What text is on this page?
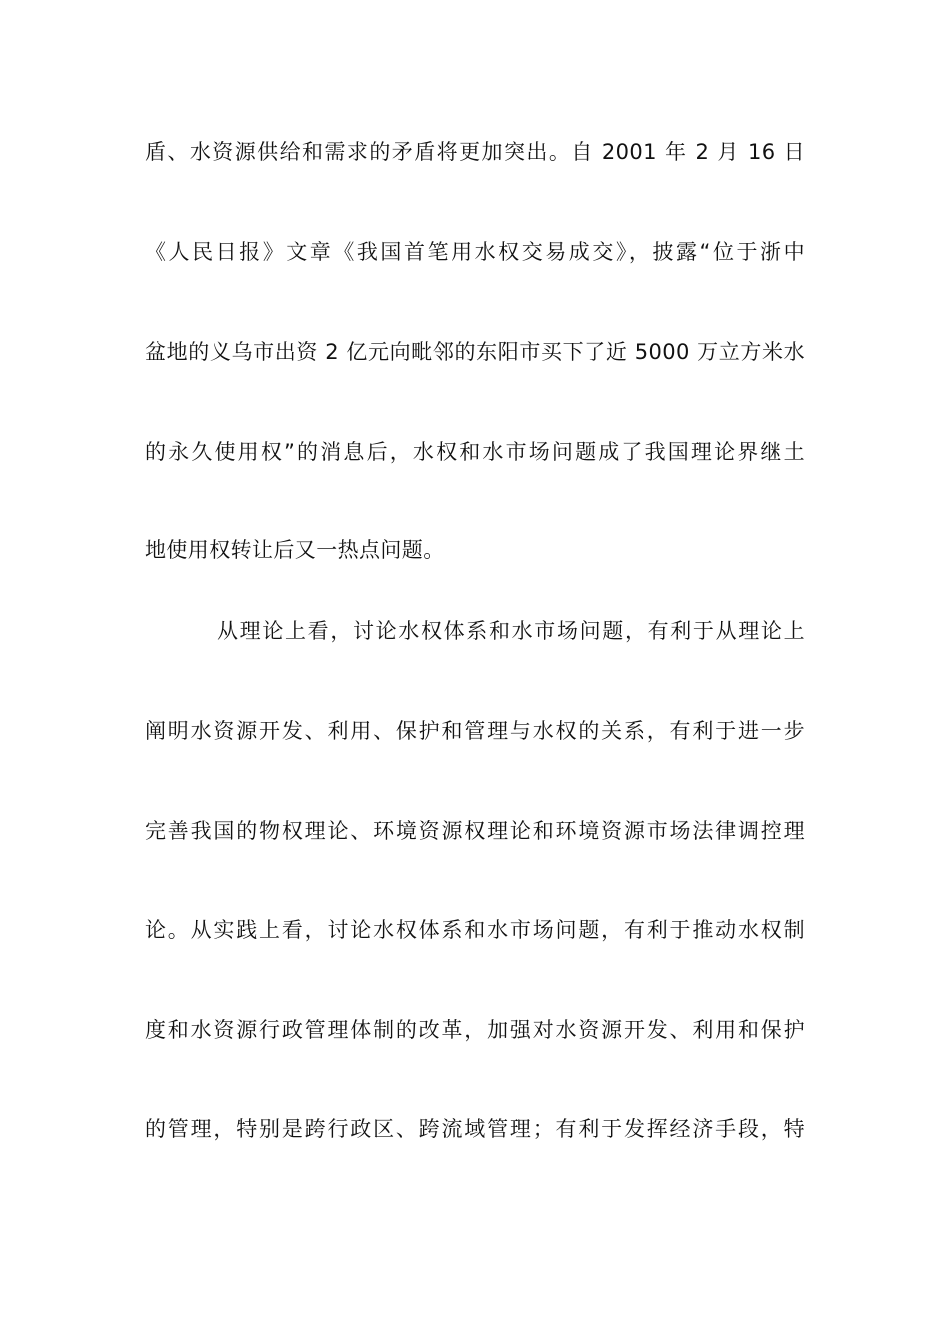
盾、水资源供给和需求的矛盾将更加突出。自 2001 年 2 月 16 日
《人民日报》文章《我国首笔用水权交易成交》，披露“位于浙中
盆地的义乌市出资 2 亿元向毗邻的东阳市买下了近 5000 万立方米水
的永久使用权”的消息后，水权和水市场问题成了我国理论界继土
地使用权转让后又一热点问题。
从理论上看，讨论水权体系和水市场问题，有利于从理论上
阐明水资源开发、利用、保护和管理与水权的关系，有利于进一步
完善我国的物权理论、环境资源权理论和环境资源市场法律调控理
论。从实践上看，讨论水权体系和水市场问题，有利于推动水权制
度和水资源行政管理体制的改革，加强对水资源开发、利用和保护
的管理，特别是跨行政区、跨流域管理；有利于发挥经济手段，特
